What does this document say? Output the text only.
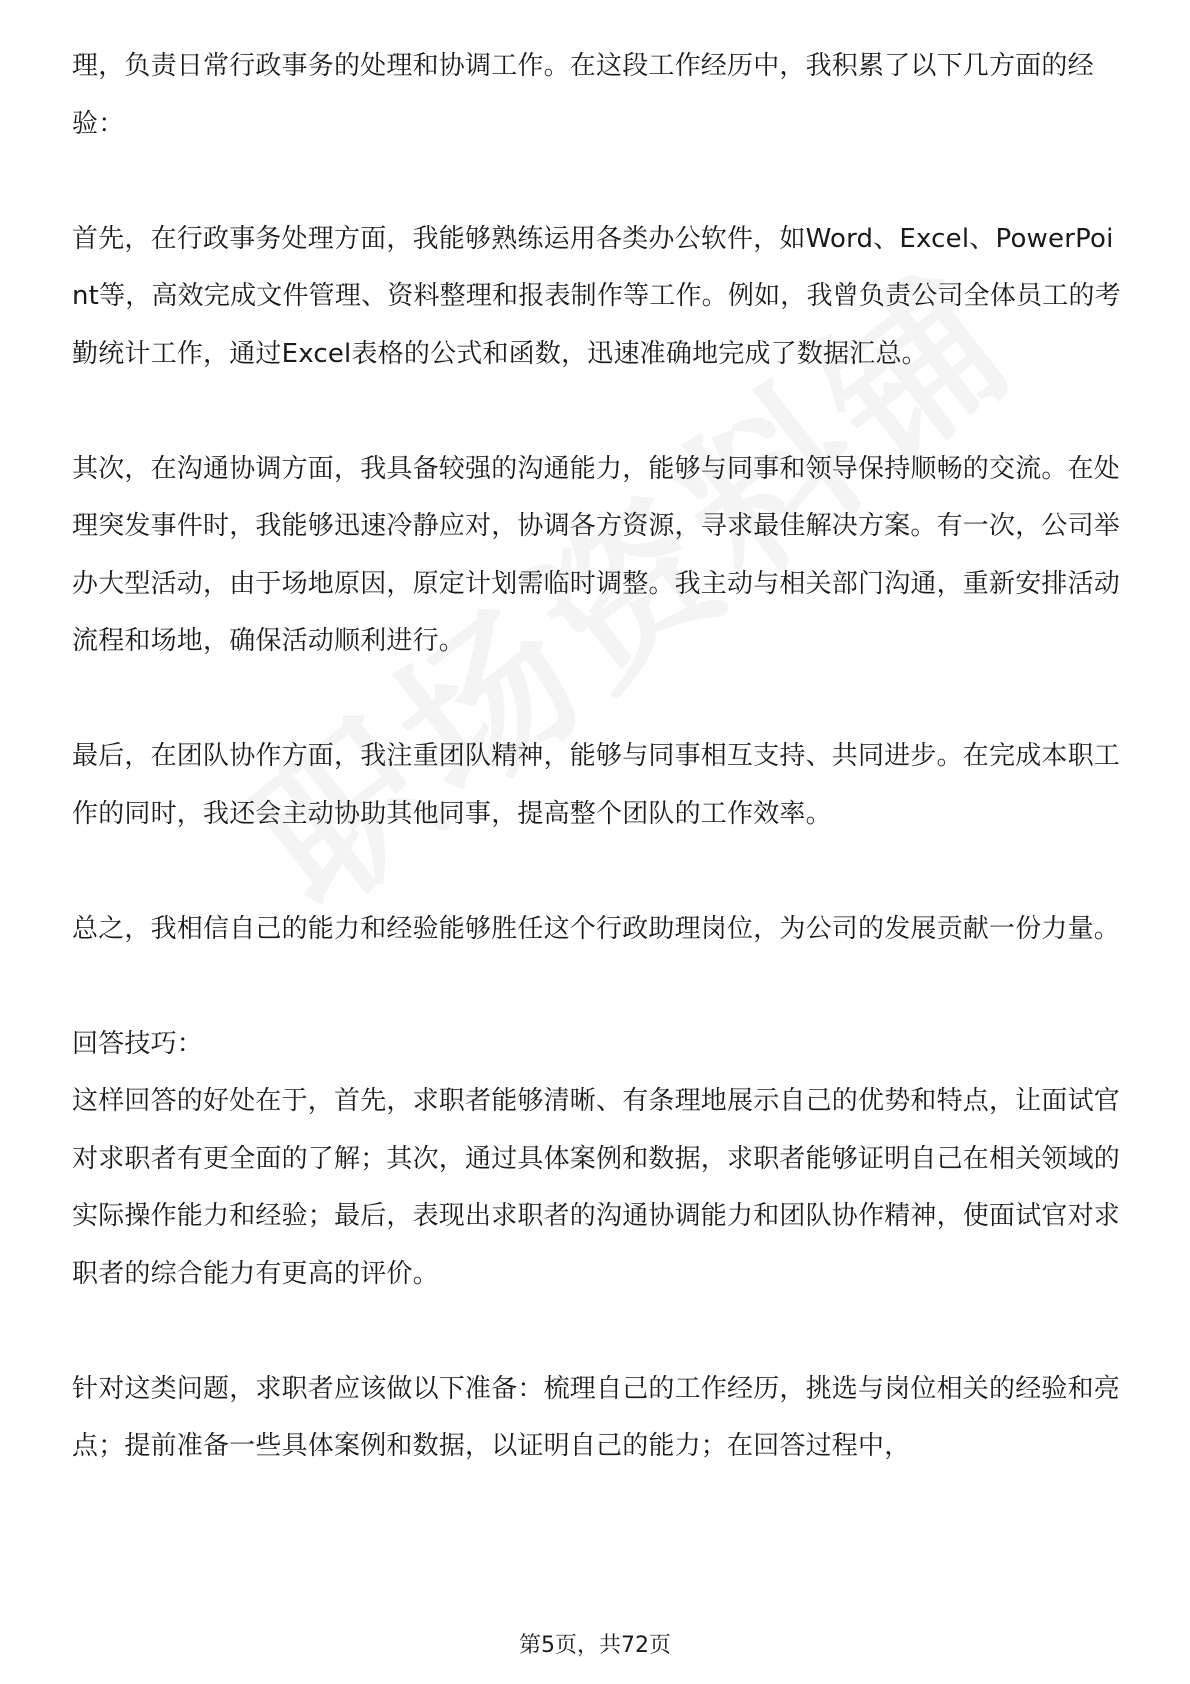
理，负责日常行政事务的处理和协调工作。在这段工作经历中，我积累了以下几方面的经验：

首先，在行政事务处理方面，我能够熟练运用各类办公软件，如Word、Excel、PowerPoint等，高效完成文件管理、资料整理和报表制作等工作。例如，我曾负责公司全体员工的考勤统计工作，通过Excel表格的公式和函数，迅速准确地完成了数据汇总。

其次，在沟通协调方面，我具备较强的沟通能力，能够与同事和领导保持顺畅的交流。在处理突发事件时，我能够迅速冷静应对，协调各方资源，寻求最佳解决方案。有一次，公司举办大型活动，由于场地原因，原定计划需临时调整。我主动与相关部门沟通，重新安排活动流程和场地，确保活动顺利进行。

最后，在团队协作方面，我注重团队精神，能够与同事相互支持、共同进步。在完成本职工作的同时，我还会主动协助其他同事，提高整个团队的工作效率。

总之，我相信自己的能力和经验能够胜任这个行政助理岗位，为公司的发展贡献一份力量。

回答技巧：

这样回答的好处在于，首先，求职者能够清晰、有条理地展示自己的优势和特点，让面试官对求职者有更全面的了解；其次，通过具体案例和数据，求职者能够证明自己在相关领域的实际操作能力和经验；最后，表现出求职者的沟通协调能力和团队协作精神，使面试官对求职者的综合能力有更高的评价。

针对这类问题，求职者应该做以下准备：梳理自己的工作经历，挑选与岗位相关的经验和亮点；提前准备一些具体案例和数据，以证明自己的能力；在回答过程中，

第5页，共72页
